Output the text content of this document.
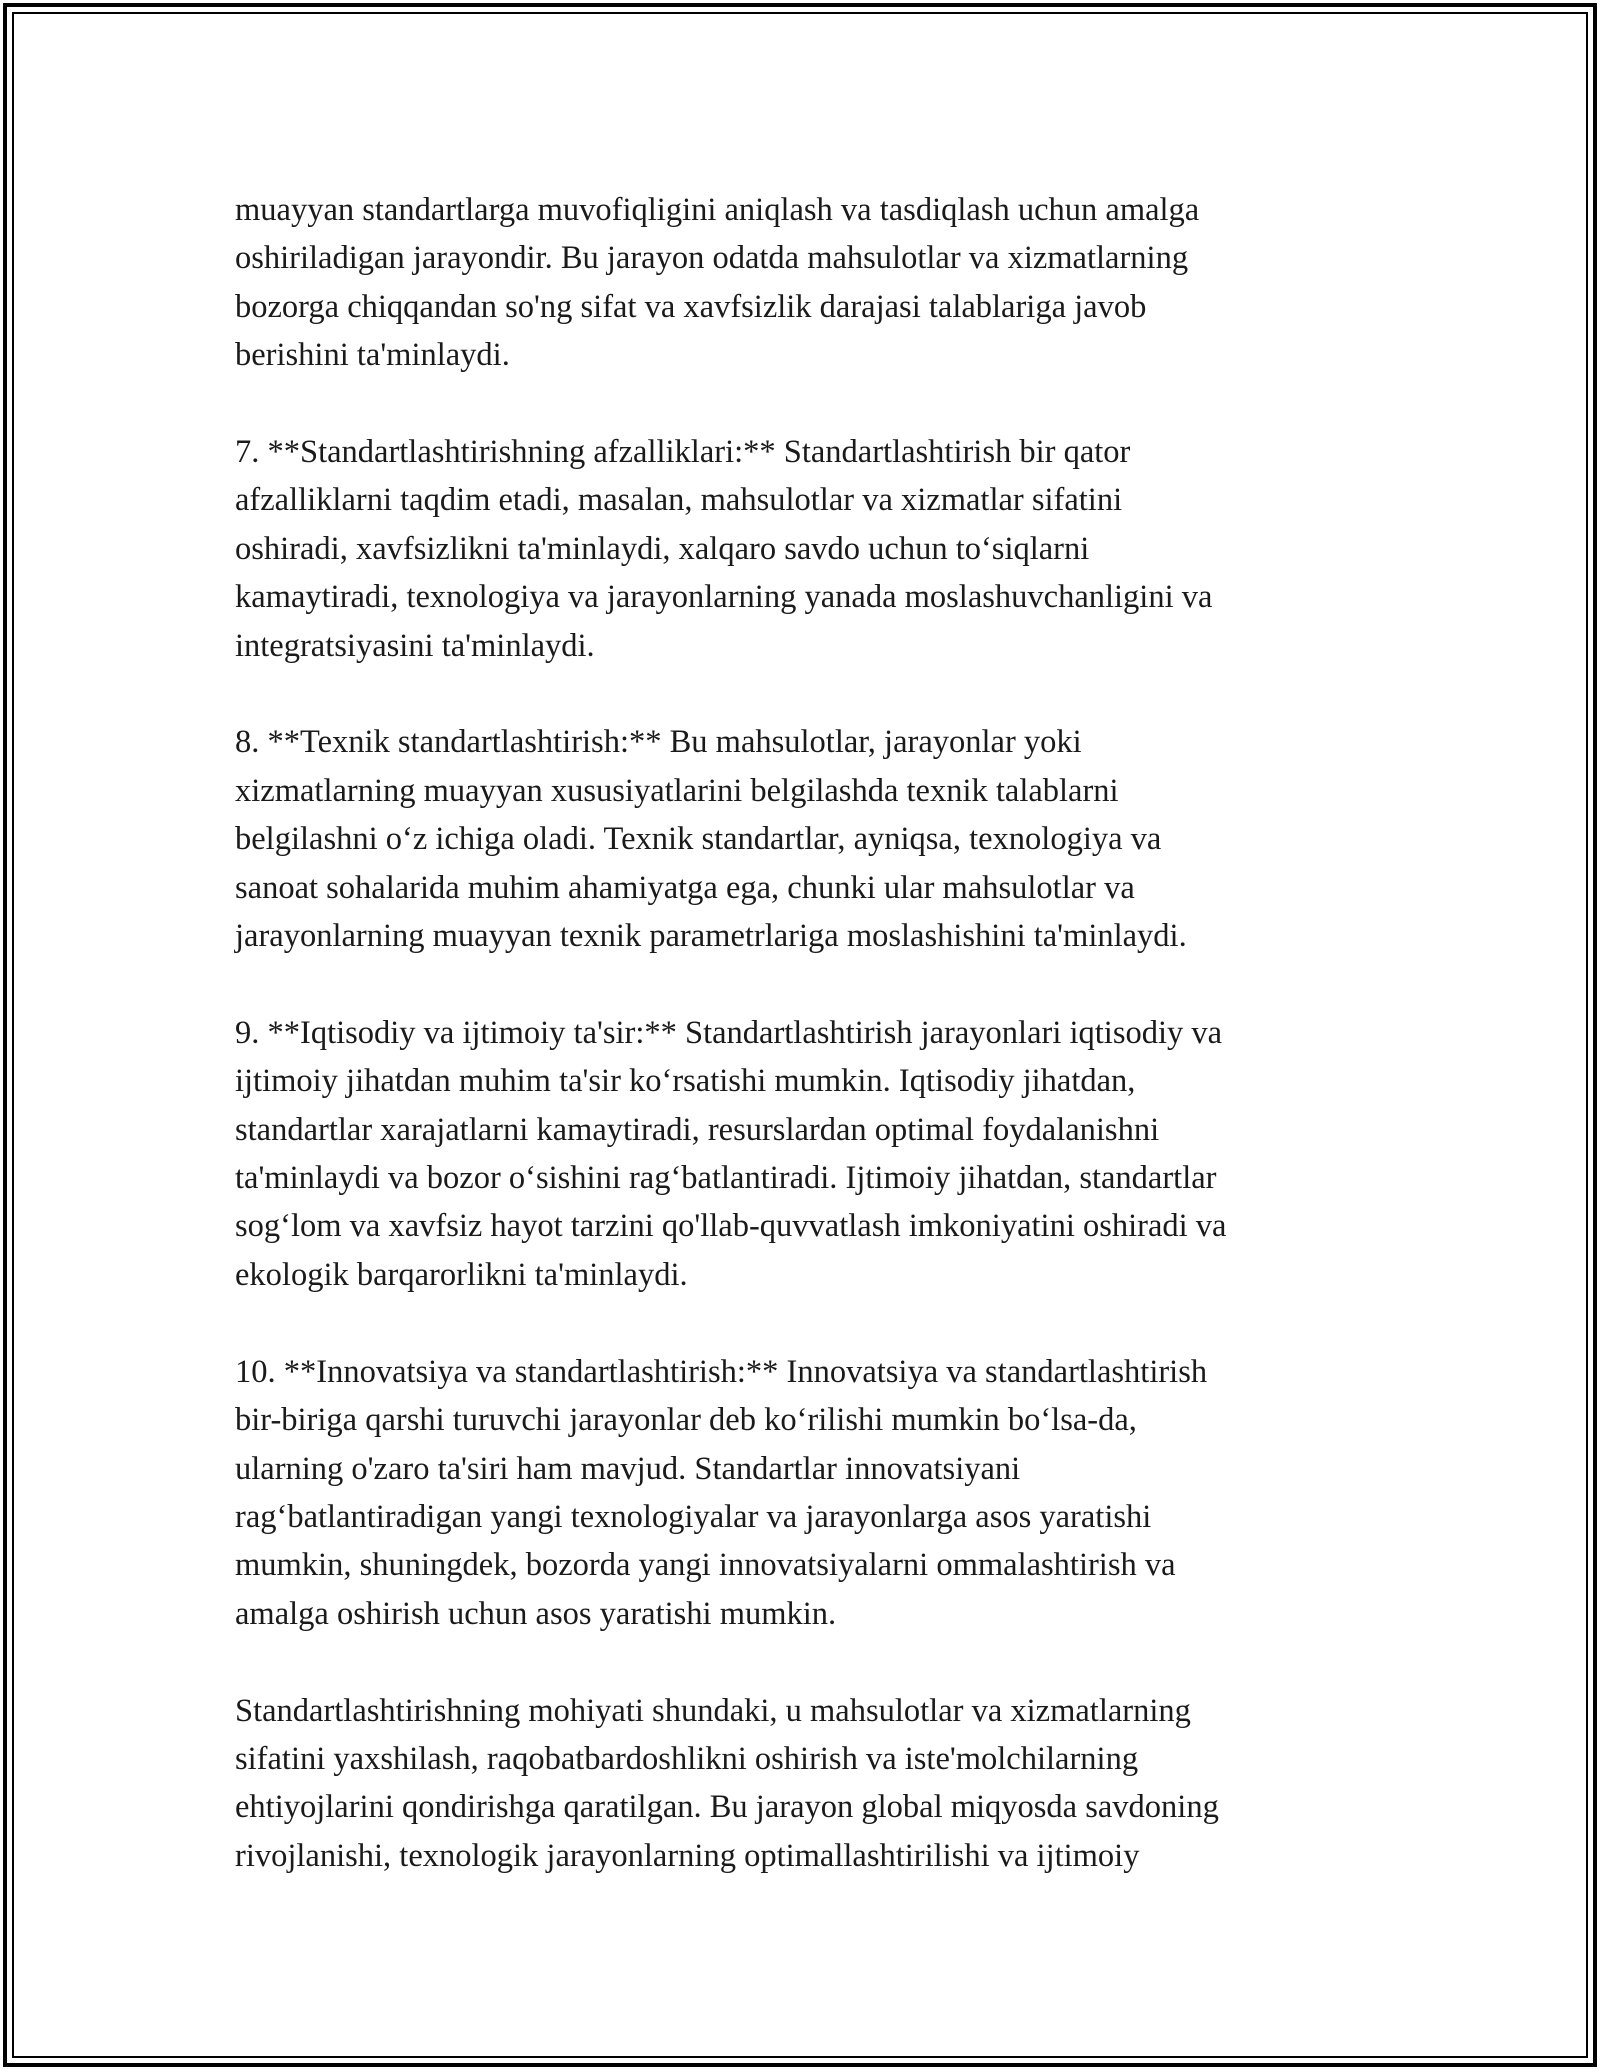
muayyan standartlarga muvofiqligini aniqlash va tasdiqlash uchun amalga
oshiriladigan jarayondir. Bu jarayon odatda mahsulotlar va xizmatlarning
bozorga chiqqandan so'ng sifat va xavfsizlik darajasi talablariga javob
berishini ta'minlaydi.

7. **Standartlashtirishning afzalliklari:** Standartlashtirish bir qator
afzalliklarni taqdim etadi, masalan, mahsulotlar va xizmatlar sifatini
oshiradi, xavfsizlikni ta'minlaydi, xalqaro savdo uchun to‘siqlarni
kamaytiradi, texnologiya va jarayonlarning yanada moslashuvchanligini va
integratsiyasini ta'minlaydi.

8. **Texnik standartlashtirish:** Bu mahsulotlar, jarayonlar yoki
xizmatlarning muayyan xususiyatlarini belgilashda texnik talablarni
belgilashni o‘z ichiga oladi. Texnik standartlar, ayniqsa, texnologiya va
sanoat sohalarida muhim ahamiyatga ega, chunki ular mahsulotlar va
jarayonlarning muayyan texnik parametrlariga moslashishini ta'minlaydi.

9. **Iqtisodiy va ijtimoiy ta'sir:** Standartlashtirish jarayonlari iqtisodiy va
ijtimoiy jihatdan muhim ta'sir ko‘rsatishi mumkin. Iqtisodiy jihatdan,
standartlar xarajatlarni kamaytiradi, resurslardan optimal foydalanishni
ta'minlaydi va bozor o‘sishini rag‘batlantiradi. Ijtimoiy jihatdan, standartlar
sog‘lom va xavfsiz hayot tarzini qo'llab-quvvatlash imkoniyatini oshiradi va
ekologik barqarorlikni ta'minlaydi.

10. **Innovatsiya va standartlashtirish:** Innovatsiya va standartlashtirish
bir-biriga qarshi turuvchi jarayonlar deb ko‘rilishi mumkin bo‘lsa-da,
ularning o'zaro ta'siri ham mavjud. Standartlar innovatsiyani
rag‘batlantiradigan yangi texnologiyalar va jarayonlarga asos yaratishi
mumkin, shuningdek, bozorda yangi innovatsiyalarni ommalashtirish va
amalga oshirish uchun asos yaratishi mumkin.

Standartlashtirishning mohiyati shundaki, u mahsulotlar va xizmatlarning
sifatini yaxshilash, raqobatbardoshlikni oshirish va iste'molchilarning
ehtiyojlarini qondirishga qaratilgan. Bu jarayon global miqyosda savdoning
rivojlanishi, texnologik jarayonlarning optimallashtirilishi va ijtimoiy
